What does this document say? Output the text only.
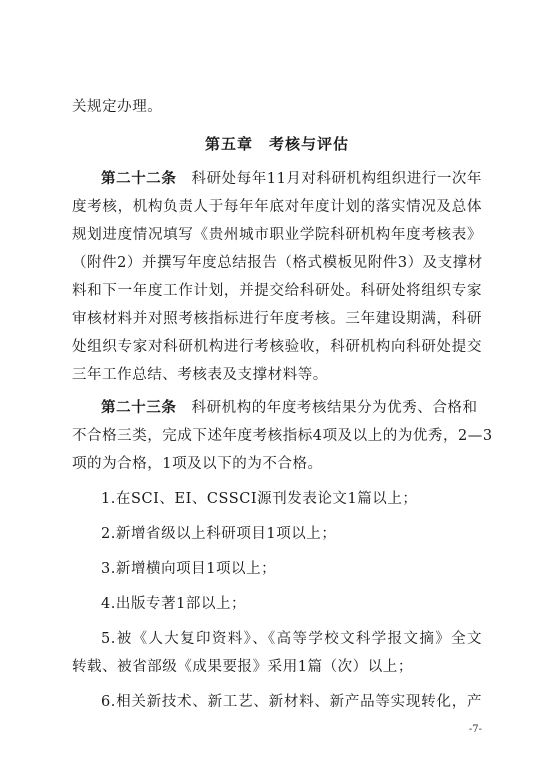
关规定办理。
第五章　考核与评估
第二十二条　科研处每年11月对科研机构组织进行一次年
度考核，机构负责人于每年年底对年度计划的落实情况及总体
规划进度情况填写《贵州城市职业学院科研机构年度考核表》
（附件2）并撰写年度总结报告（格式模板见附件3）及支撑材
料和下一年度工作计划，并提交给科研处。科研处将组织专家
审核材料并对照考核指标进行年度考核。三年建设期满，科研
处组织专家对科研机构进行考核验收，科研机构向科研处提交
三年工作总结、考核表及支撑材料等。
第二十三条　科研机构的年度考核结果分为优秀、合格和
不合格三类，完成下述年度考核指标4项及以上的为优秀，2—3
项的为合格，1项及以下的为不合格。
1.在SCI、EI、CSSCI源刊发表论文1篇以上；
2.新增省级以上科研项目1项以上；
3.新增横向项目1项以上；
4.出版专著1部以上；
5.被《人大复印资料》、《高等学校文科学报文摘》全文
转载、被省部级《成果要报》采用1篇（次）以上；
6.相关新技术、新工艺、新材料、新产品等实现转化，产
-7-
